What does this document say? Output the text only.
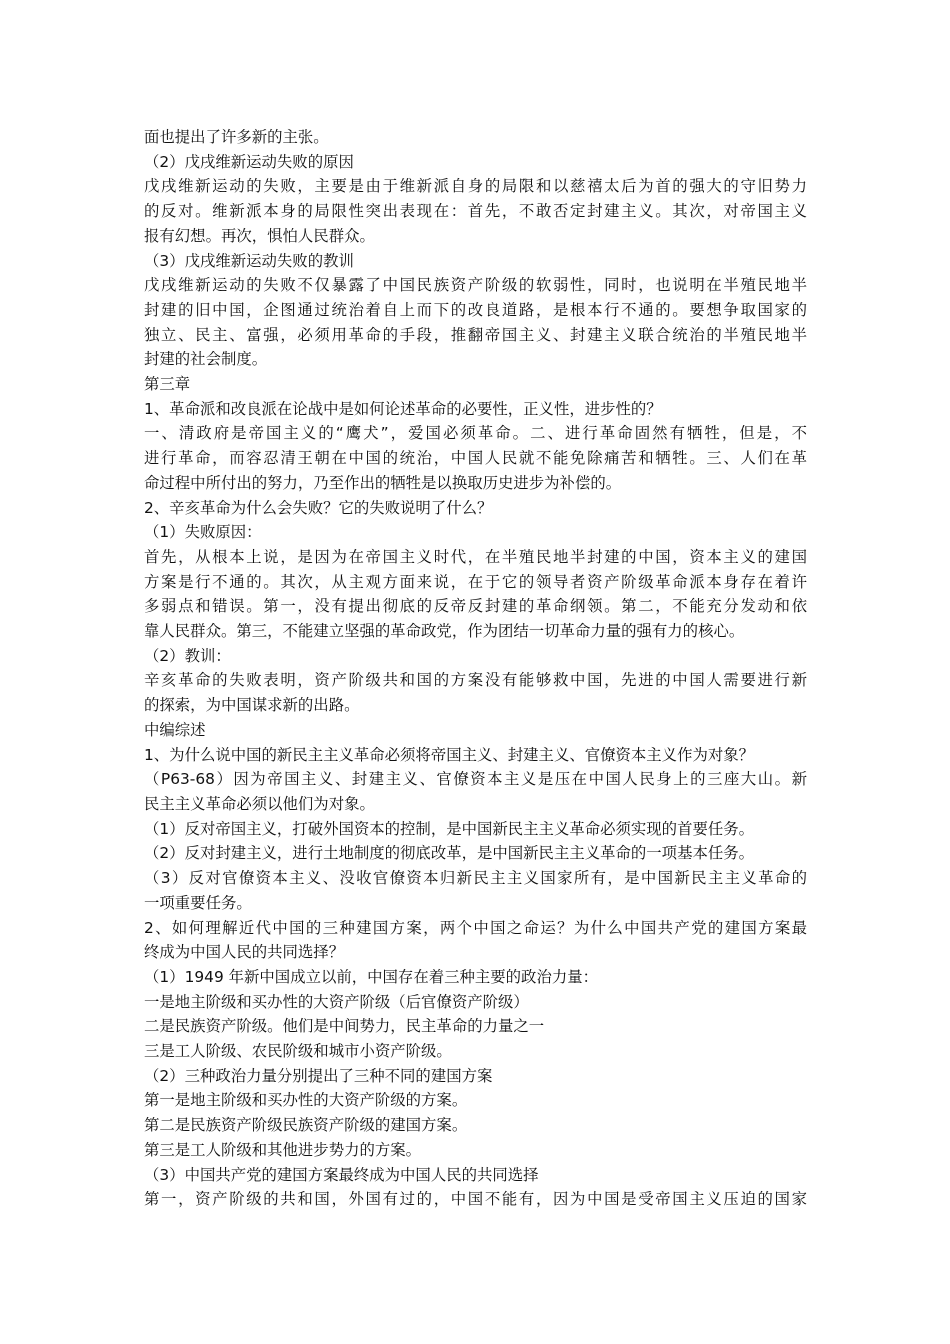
面也提出了许多新的主张。
（2）戊戌维新运动失败的原因
戊戌维新运动的失败，主要是由于维新派自身的局限和以慈禧太后为首的强大的守旧势力
的反对。维新派本身的局限性突出表现在：首先，不敢否定封建主义。其次，对帝国主义
报有幻想。再次，惧怕人民群众。
（3）戊戌维新运动失败的教训
戊戌维新运动的失败不仅暴露了中国民族资产阶级的软弱性，同时，也说明在半殖民地半
封建的旧中国，企图通过统治着自上而下的改良道路，是根本行不通的。要想争取国家的
独立、民主、富强，必须用革命的手段，推翻帝国主义、封建主义联合统治的半殖民地半
封建的社会制度。
第三章
1、革命派和改良派在论战中是如何论述革命的必要性，正义性，进步性的？
一、清政府是帝国主义的“鹰犬”，爱国必须革命。二、进行革命固然有牺牲，但是，不
进行革命，而容忍清王朝在中国的统治，中国人民就不能免除痛苦和牺牲。三、人们在革
命过程中所付出的努力，乃至作出的牺牲是以换取历史进步为补偿的。
2、辛亥革命为什么会失败？它的失败说明了什么？
（1）失败原因：
首先，从根本上说，是因为在帝国主义时代，在半殖民地半封建的中国，资本主义的建国
方案是行不通的。其次，从主观方面来说，在于它的领导者资产阶级革命派本身存在着许
多弱点和错误。第一，没有提出彻底的反帝反封建的革命纲领。第二，不能充分发动和依
靠人民群众。第三，不能建立坚强的革命政党，作为团结一切革命力量的强有力的核心。
（2）教训：
辛亥革命的失败表明，资产阶级共和国的方案没有能够救中国，先进的中国人需要进行新
的探索，为中国谋求新的出路。
中编综述
1、为什么说中国的新民主主义革命必须将帝国主义、封建主义、官僚资本主义作为对象？
（P63-68）因为帝国主义、封建主义、官僚资本主义是压在中国人民身上的三座大山。新
民主主义革命必须以他们为对象。
（1）反对帝国主义，打破外国资本的控制，是中国新民主主义革命必须实现的首要任务。
（2）反对封建主义，进行土地制度的彻底改革，是中国新民主主义革命的一项基本任务。
（3）反对官僚资本主义、没收官僚资本归新民主主义国家所有，是中国新民主主义革命的
一项重要任务。
2、如何理解近代中国的三种建国方案，两个中国之命运？为什么中国共产党的建国方案最
终成为中国人民的共同选择？
（1）1949 年新中国成立以前，中国存在着三种主要的政治力量：
一是地主阶级和买办性的大资产阶级（后官僚资产阶级）
二是民族资产阶级。他们是中间势力，民主革命的力量之一
三是工人阶级、农民阶级和城市小资产阶级。
（2）三种政治力量分别提出了三种不同的建国方案
第一是地主阶级和买办性的大资产阶级的方案。
第二是民族资产阶级民族资产阶级的建国方案。
第三是工人阶级和其他进步势力的方案。
（3）中国共产党的建国方案最终成为中国人民的共同选择
第一，资产阶级的共和国，外国有过的，中国不能有，因为中国是受帝国主义压迫的国家
